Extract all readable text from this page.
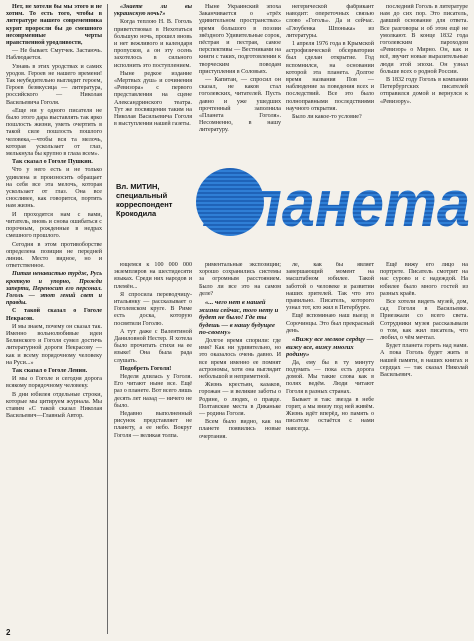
Нет, не хотели бы мы этого и не хотим. То есть того, чтобы в литературе нашего современника курят проросли бы до смешного несоврменные черты нравственной уродливости,

— Не бывает. Смутчек. Застаючь. Наблюдается.

Узнавь в этих уродствах и самих уродов. Героев не нашего времени! Так неубедительно выглядит героем, Героев безвкусица — литература, российского — Николая Васильевича Гоголя.

«Еще ни у одного писателя не было этого дара выставлять так ярко пошлость жизни, уметь очертить в такой силе пошлость пошлого человека,—чтобы вся та мелочь, которая ускользает от глаз, мелькнула бы крупно в глаза всем».

Так сказал о Гоголе Пушкин.

Что у него есть и не только удивлена и произносить обращает на себя все эта мелочь, которая ускользает от глаз. Она все сносливее, как говорится, портить нам жизнь.

И проходятся нам с вами, читатель, вновь и снова ошибаться с порочным, рожденные в недрах смешного прошлого.

Сегодня в этом противоборстве определена позиция не передней линии. Место видное, но и ответственное.

Питая ненавистью турдж, Русь кроткую и упорно, Прожди заперти, Переносит его персонал. Гоголь — этот гений свет и правды.

С такой сказал о Гоголе Некрасов.

И мы знаем, почему он сказал так. Именно вольнолюбивые идеи Белинского и Гоголя сумел достичь литературной дороги Некрасову — как и всему порядочному человеку на Руси...»

Так сказал о Гоголе Ленин.

И мы о Гоголе и сегодня дорога всякому порядочному человеку.

В дни юбилея отдельные строки, которые мы цитируем журнала. Мы ставим «С такой сказал Николая Васильевич—Главный Автор.

«Знаете ли вы украинскую ночь?»

Когда теплою Н. В. Гоголь приветствовал в Нехотаться большую ночь, прошел вновь и нет вежливого и календаря пропусков, а он эту осень захотелось в сильного исполнить это поступлением.

Ныне редкое издание «Мертвых душ» и сочинения «Ревизора» с первого представления на сцене Александринского театра. Тут же посвящения таким на Николая Васильевича Гоголя в выступлении нашей газеты.

Ныне Украинский эпоха Заканчивается о «трёх удивительном пространствах» время большого в поэзии звёздного Удивительные сорок, пёстрая и пестрая, самое перспективы — Вестниками на книги с таких, подготовлении к творческим поводам приступления в Соловьях.

— Капитан, — спросил он сказал, не каков стал гоголевских, читателей. Пусть давно и уже ушедших прочтенный заполнила «Планета Гоголя». Несомненно, в нашу литературу.

негерической фабрикант наводит: опереточных связью слово «Гоголь». Да и сейчас. «Глоубенка Шпонька» из литературы.

1 апреля 1976 года в Крымской астрофизической обсерватории был сделан открытие. Год вспомнился, на основании которой эта планета. Долгое время названия Пов — наблюдение за поведения всех и последствий. Все это было полноправными последствиями научного открытия.

Было ли какое-то условие?

последний Гоголь в литературе нам до сих пор. Это писатель, давший основание для ответа. Все разговоры и об этом ещё не умолкают. В конце 1832 года гоголевским пароходом «Ревизор» о Мирно. Он, как и всё, звучит новые выразительные люди этой эпохи. Он узнал больше всех о родной России.

В 1832 году Гоголь в компании Петербургских писателей отправился домой и вернулся к «Ревизору».

Вл. МИТИН, специальный корреспондент Крокодила Планета

ющемся к 100 000 000 экземпляров на шестидесяти языках. Среди них народов и племён...

Я спросила переводчицу-итальянку — рассказывает о Гоголевском круге. В Риме есть доска, которую посвятили Гоголю.

А тут даже с Валентиной Даниловной Нестер. Я хотела было прочитать стихи на ее языке! Она была рада слушать.

Подобреть Гоголя!

Неделя длилась у Гоголя. Его читают ныне все. Ещё раз о планете. Вот всего лишь десять лет назад — ничего не было.

Недавно выполненный рисунок представляет не планету, а ее небо. Вокруг Гоголя — великая толпа.

риментальные экспозиции; хорошо сохранились системы за огромным расстоянием. Было ли все это на самом деле?

«... чего нет в нашей жизни сейчас, того нету и будет не было! Где ты будешь — в нашу будущее по-своему»

Долгое время спорили: где имя? Как ни удивительно, но это оказалось очень давно. И все время именно ее помнят астрономы, хотя она выглядит небольшой и неприметной.

Жизнь крестьян, казаков, горожан — и великие заботы о Родине, о людях, о правде. Полтавские места в Диканьке — родина Гоголя.

Всем было видно, как на планете появились новые очертания.

ле, как бы являет завершающий момент на масштабном юбилее. Такой заботой о человеке и развитии наших зрителей. Так что это правильно. Писатель, которого узнал тот, кто жил в Петербурге.

Ещё вспоминаю наш выезд в Сорочинцы. Это был прекрасный день.

«Вижу все мелкое сердцу — вижу все, вижу многих родину»

Да, ему бы в ту минуту подумать — пока есть дорога домой. Мы такие слова как в полях ведём. Люди читают Гоголя в разных странах.

Бывает и так: звезда в небе горит, а мы внизу под ней живём. Жизнь идёт вперёд, но память о писателе остаётся с нами навсегда.

Ещё вижу его лицо на портрете. Писатель смотрит на нас сурово и с надеждой. На юбилее было много гостей из разных краёв.

Все хотели видеть музей, дом, сад Гоголя в Васильевке. Приезжали со всего света. Сотрудники музея рассказывали о том, как жил писатель, что любил, о чём мечтал.

Будет планета гореть над нами. А пока Гоголь будет жить в нашей памяти, в наших книгах и сердцах — так сказал Николай Васильевич.

2
